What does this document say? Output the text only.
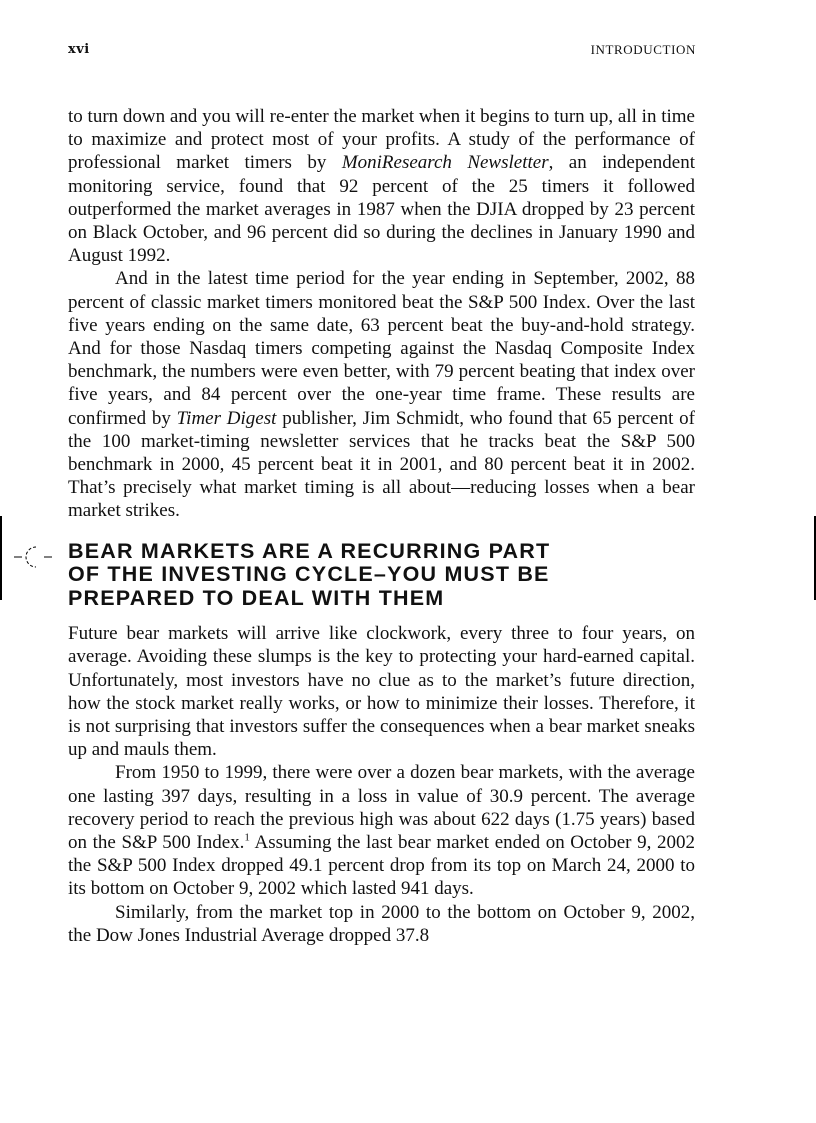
xvi	INTRODUCTION

to turn down and you will re-enter the market when it begins to turn up, all in time to maximize and protect most of your profits. A study of the performance of professional market timers by MoniResearch Newsletter, an independent monitoring service, found that 92 percent of the 25 timers it followed outperformed the market averages in 1987 when the DJIA dropped by 23 percent on Black October, and 96 percent did so during the declines in January 1990 and August 1992.

And in the latest time period for the year ending in September, 2002, 88 percent of classic market timers monitored beat the S&P 500 Index. Over the last five years ending on the same date, 63 percent beat the buy-and-hold strategy. And for those Nasdaq timers competing against the Nasdaq Composite Index benchmark, the numbers were even better, with 79 percent beating that index over five years, and 84 percent over the one-year time frame. These results are confirmed by Timer Digest publisher, Jim Schmidt, who found that 65 percent of the 100 market-timing newsletter services that he tracks beat the S&P 500 benchmark in 2000, 45 percent beat it in 2001, and 80 percent beat it in 2002. That’s precisely what market timing is all about—reducing losses when a bear market strikes.

BEAR MARKETS ARE A RECURRING PART
OF THE INVESTING CYCLE–YOU MUST BE
PREPARED TO DEAL WITH THEM

Future bear markets will arrive like clockwork, every three to four years, on average. Avoiding these slumps is the key to protecting your hard-earned capital. Unfortunately, most investors have no clue as to the market’s future direction, how the stock market really works, or how to minimize their losses. Therefore, it is not surprising that investors suffer the consequences when a bear market sneaks up and mauls them.

From 1950 to 1999, there were over a dozen bear markets, with the average one lasting 397 days, resulting in a loss in value of 30.9 percent. The average recovery period to reach the previous high was about 622 days (1.75 years) based on the S&P 500 Index.$^1$ Assuming the last bear market ended on October 9, 2002 the S&P 500 Index dropped 49.1 percent drop from its top on March 24, 2000 to its bottom on October 9, 2002 which lasted 941 days.

Similarly, from the market top in 2000 to the bottom on October 9, 2002, the Dow Jones Industrial Average dropped 37.8
